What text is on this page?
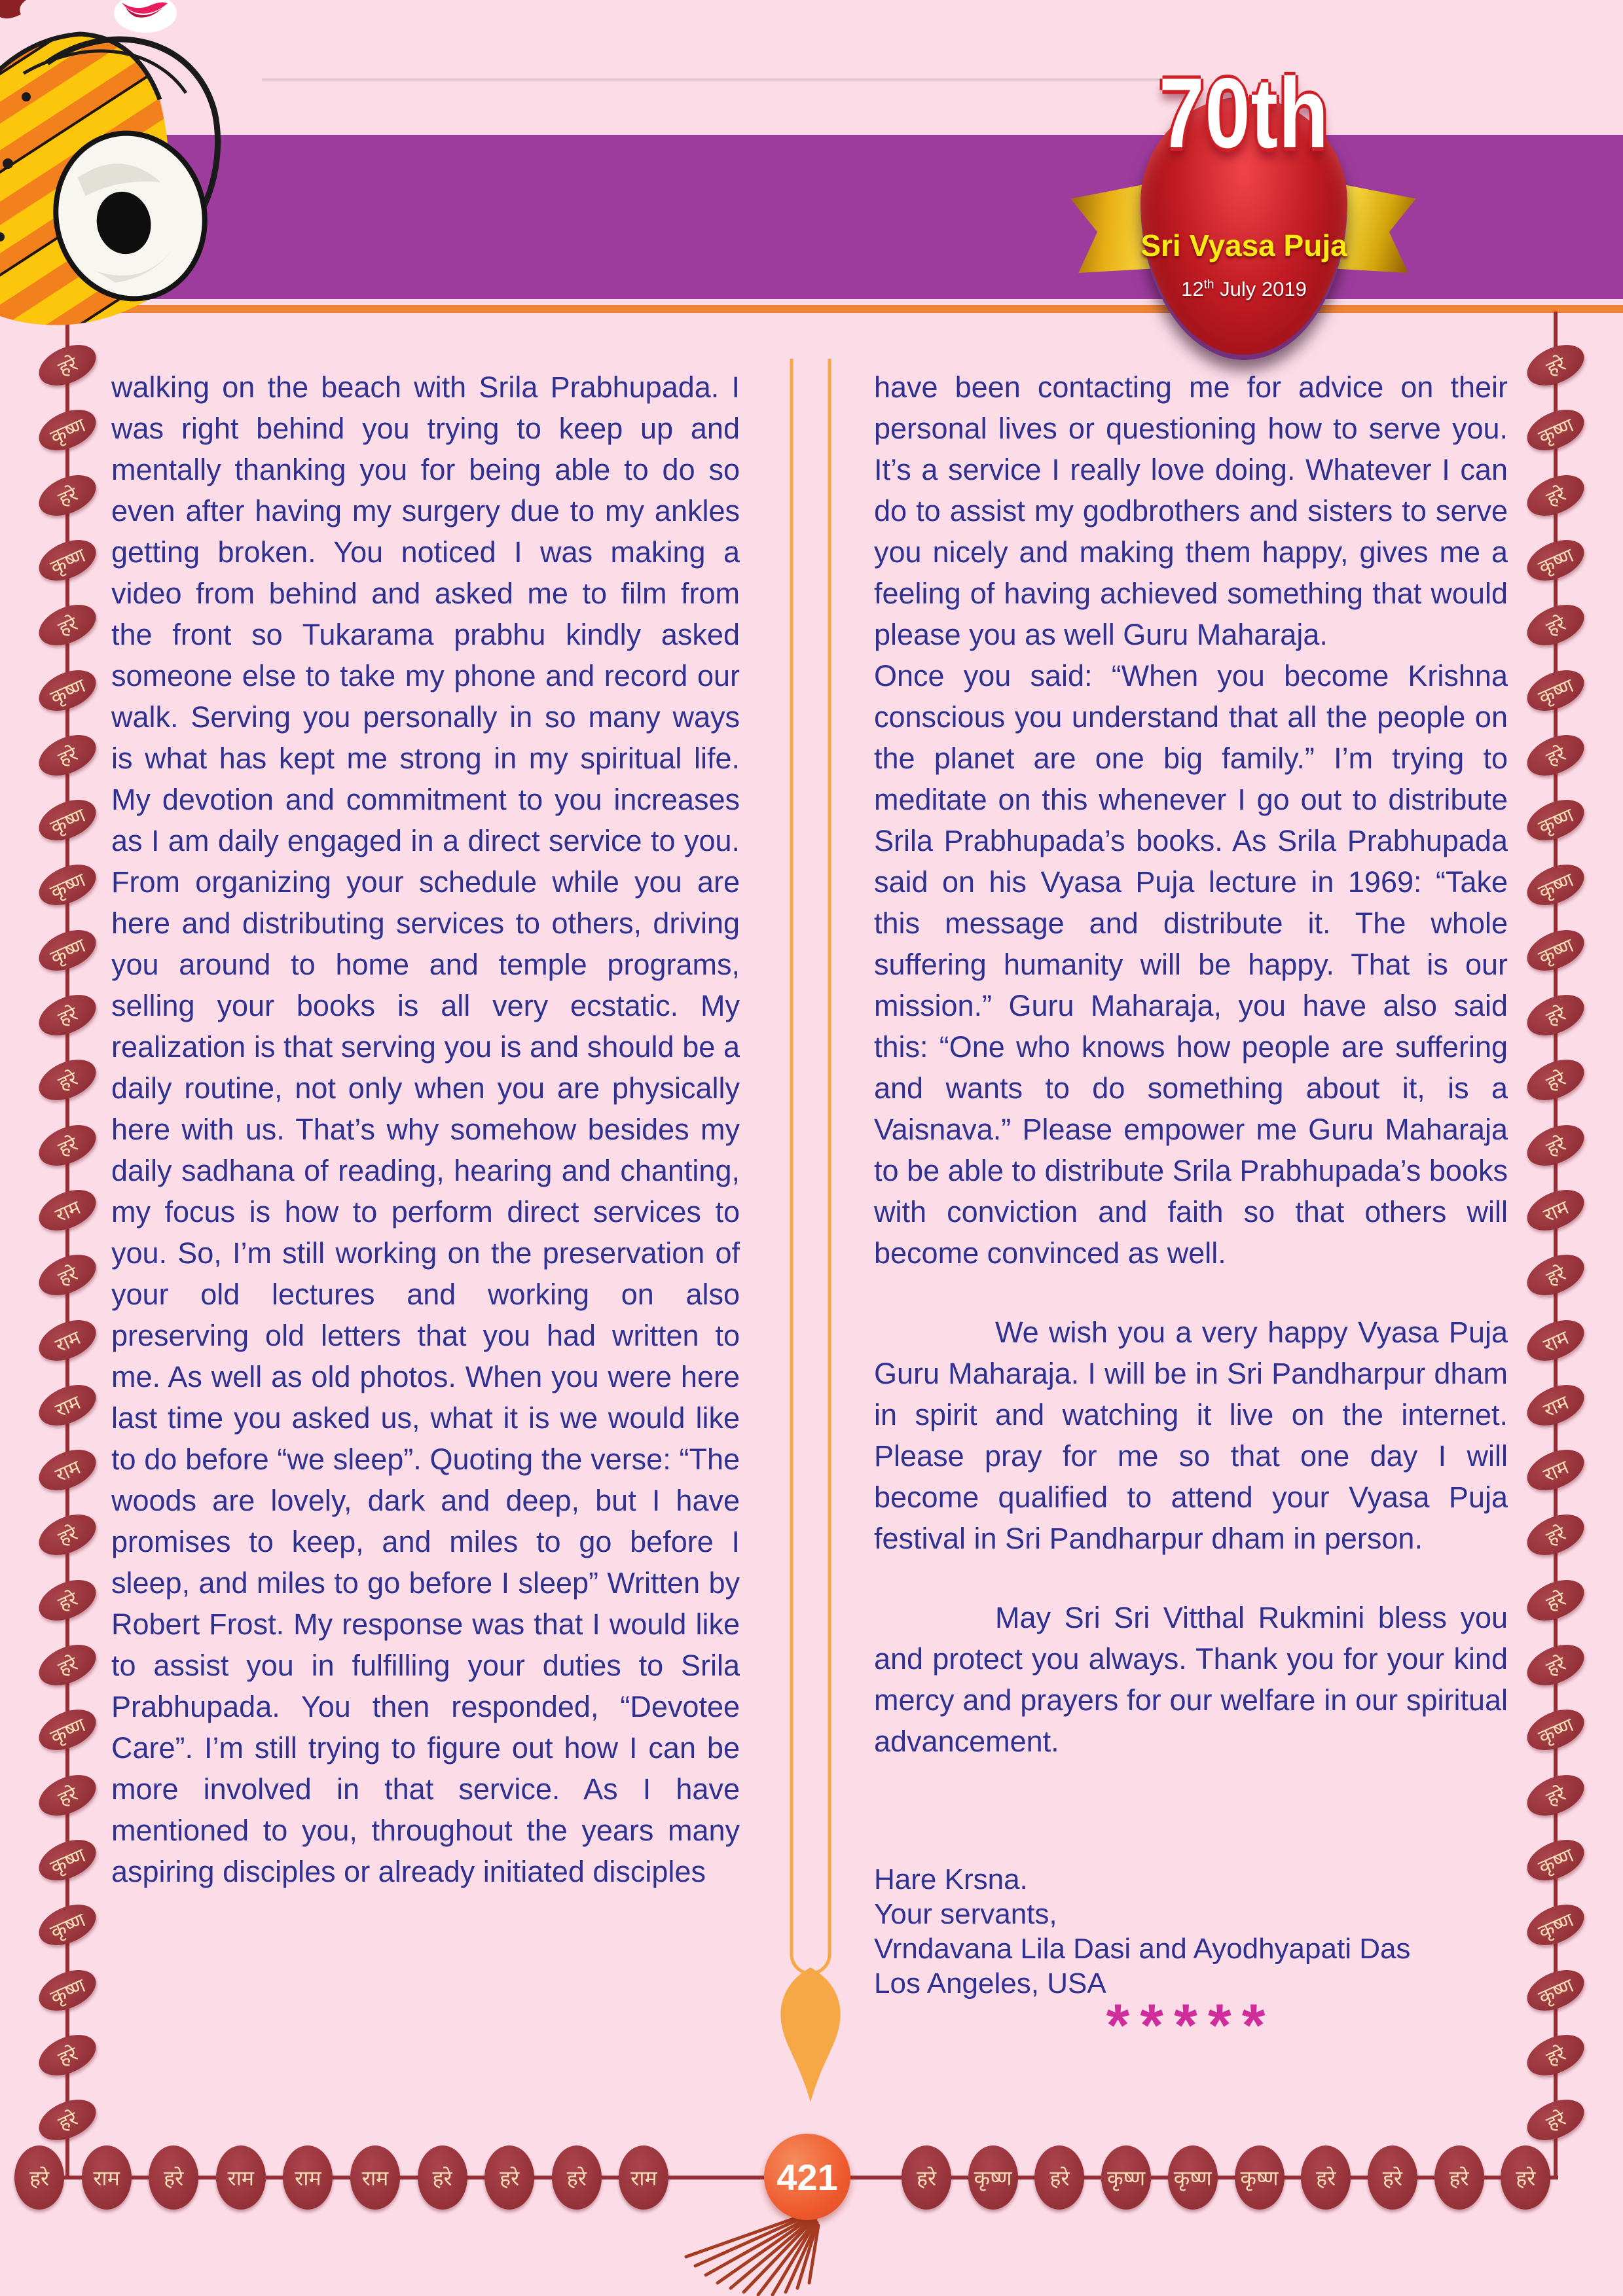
70th
Sri Vyasa Puja
12th July 2019
हरे
कृष्ण
हरे
कृष्ण
हरे
कृष्ण
हरे
कृष्ण
कृष्ण
कृष्ण
हरे
हरे
हरे
राम
हरे
राम
राम
राम
हरे
हरे
हरे
कृष्ण
हरे
कृष्ण
कृष्ण
कृष्ण
हरे
हरे
हरे
कृष्ण
हरे
कृष्ण
हरे
कृष्ण
हरे
कृष्ण
कृष्ण
कृष्ण
हरे
हरे
हरे
राम
हरे
राम
राम
राम
हरे
हरे
हरे
कृष्ण
हरे
कृष्ण
कृष्ण
कृष्ण
हरे
हरे
हरे राम हरे राम राम राम हरे हरे हरे राम	हरे कृष्ण हरे कृष्ण कृष्ण कृष्ण हरे हरे हरे हरे

walking on the beach with Srila Prabhupada. I was right behind you trying to keep up and mentally thanking you for being able to do so even after having my surgery due to my ankles getting broken. You noticed I was making a video from behind and asked me to film from the front so Tukarama prabhu kindly asked someone else to take my phone and record our walk. Serving you personally in so many ways is what has kept me strong in my spiritual life. My devotion and commitment to you increases as I am daily engaged in a direct service to you. From organizing your schedule while you are here and distributing services to others, driving you around to home and temple programs, selling your books is all very ecstatic. My realization is that serving you is and should be a daily routine, not only when you are physically here with us. That’s why somehow besides my daily sadhana of reading, hearing and chanting, my focus is how to perform direct services to you. So, I’m still working on the preservation of your old lectures and working on also preserving old letters that you had written to me. As well as old photos. When you were here last time you asked us, what it is we would like to do before “we sleep”. Quoting the verse: “The woods are lovely, dark and deep, but I have promises to keep, and miles to go before I sleep, and miles to go before I sleep” Written by Robert Frost. My response was that I would like to assist you in fulfilling your duties to Srila Prabhupada. You then responded, “Devotee Care”. I’m still trying to figure out how I can be more involved in that service. As I have mentioned to you, throughout the years many aspiring disciples or already initiated disciples

have been contacting me for advice on their personal lives or questioning how to serve you. It’s a service I really love doing. Whatever I can do to assist my godbrothers and sisters to serve you nicely and making them happy, gives me a feeling of having achieved something that would please you as well Guru Maharaja.

Once you said: “When you become Krishna conscious you understand that all the people on the planet are one big family.” I’m trying to meditate on this whenever I go out to distribute Srila Prabhupada’s books. As Srila Prabhupada said on his Vyasa Puja lecture in 1969: “Take this message and distribute it. The whole suffering humanity will be happy. That is our mission.” Guru Maharaja, you have also said this: “One who knows how people are suffering and wants to do something about it, is a Vaisnava.” Please empower me Guru Maharaja to be able to distribute Srila Prabhupada’s books with conviction and faith so that others will become convinced as well.

We wish you a very happy Vyasa Puja Guru Maharaja. I will be in Sri Pandharpur dham in spirit and watching it live on the internet. Please pray for me so that one day I will become qualified to attend your Vyasa Puja festival in Sri Pandharpur dham in person.

May Sri Sri Vitthal Rukmini bless you and protect you always. Thank you for your kind mercy and prayers for our welfare in our spiritual advancement.

Hare Krsna.
Your servants,
Vrndavana Lila Dasi and Ayodhyapati Das
Los Angeles, USA
*****
421
